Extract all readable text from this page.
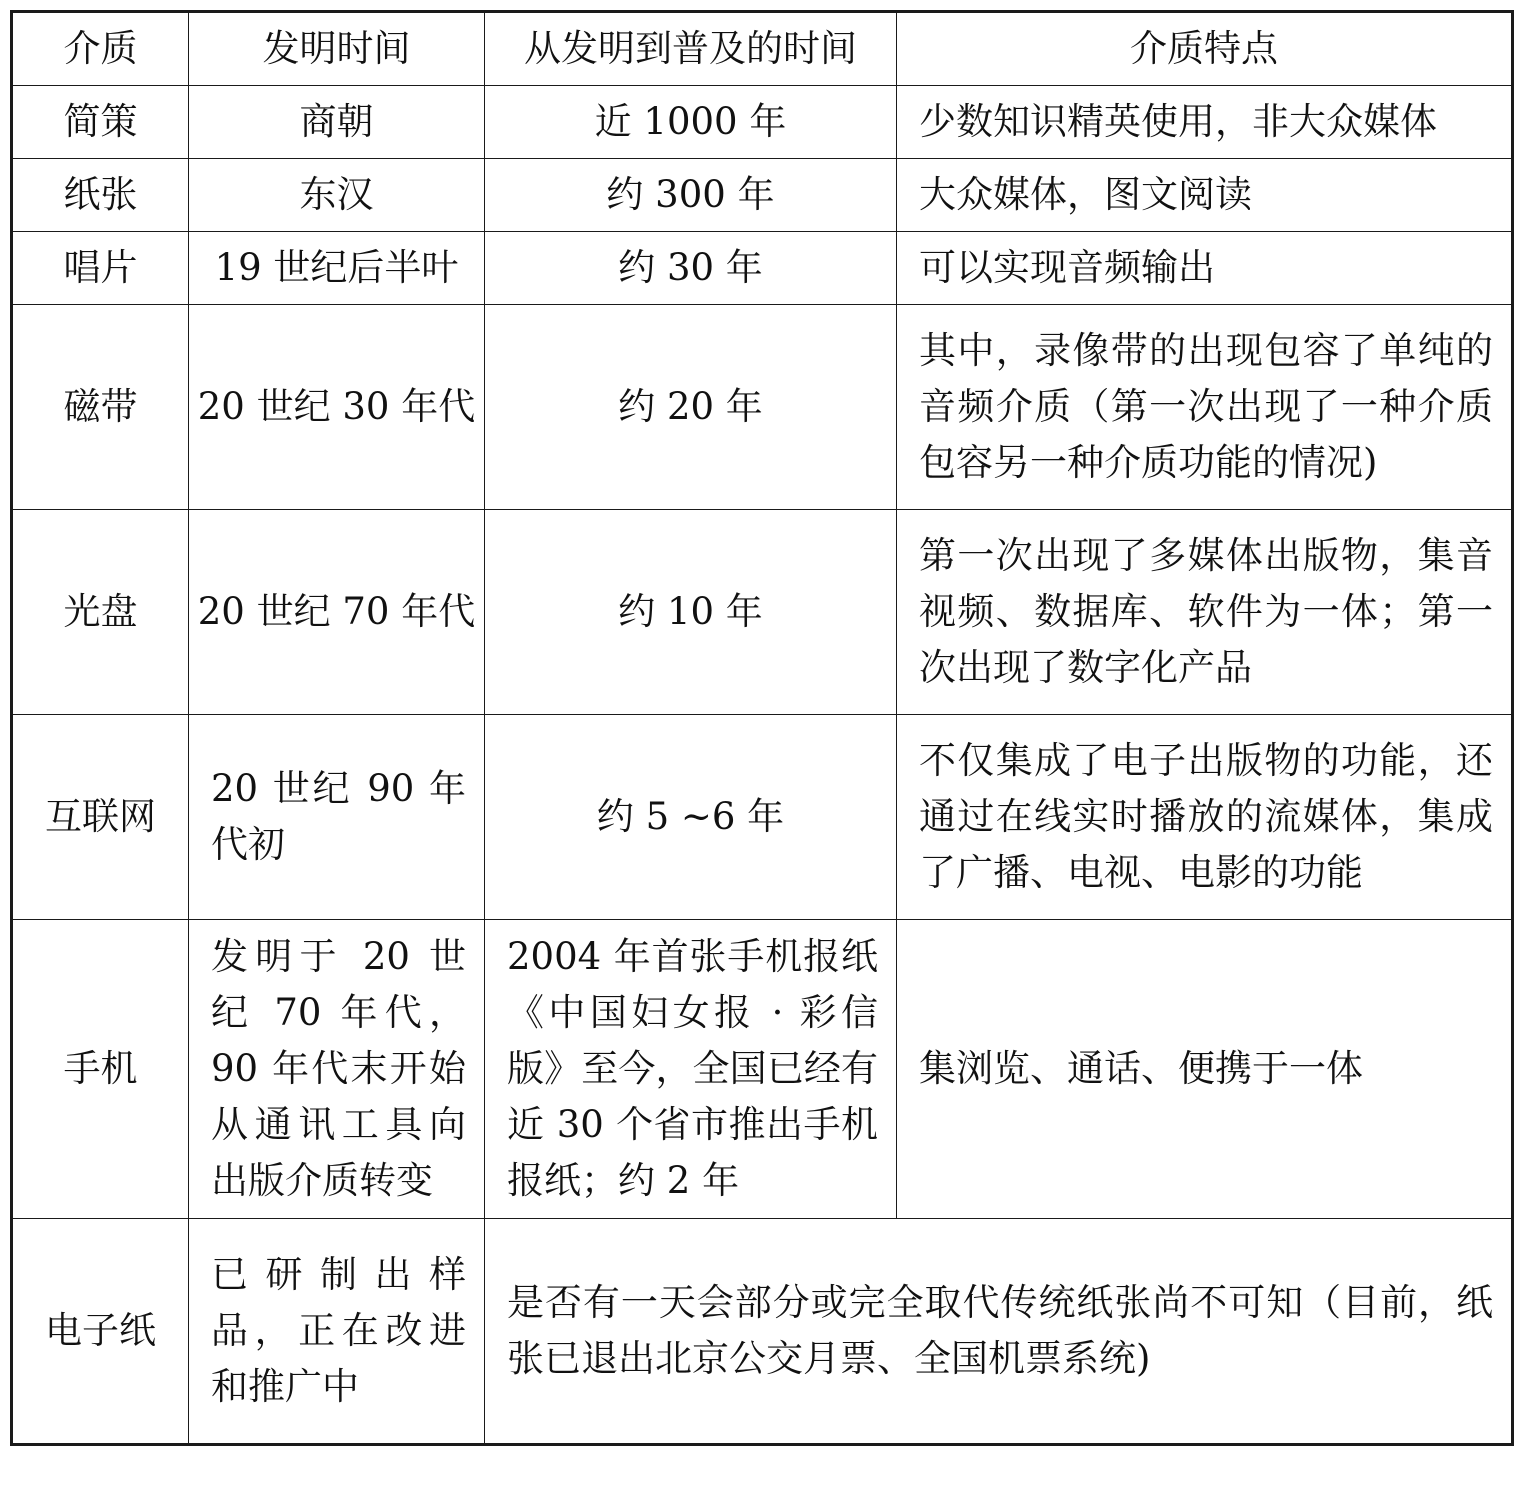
介质	发明时间	从发明到普及的时间	介质特点
简策	商朝	近 1000 年	少数知识精英使用，非大众媒体
纸张	东汉	约 300 年	大众媒体，图文阅读
唱片	19 世纪后半叶	约 30 年	可以实现音频输出
磁带	20 世纪 30 年代	约 20 年	其中，录像带的出现包容了单纯的音频介质（第一次出现了一种介质包容另一种介质功能的情况)
光盘	20 世纪 70 年代	约 10 年	第一次出现了多媒体出版物，集音视频、数据库、软件为一体；第一次出现了数字化产品
互联网	20 世纪 90 年代初	约 5 ~6 年	不仅集成了电子出版物的功能，还通过在线实时播放的流媒体，集成了广播、电视、电影的功能
手机	发明于 20 世纪 70 年代，90 年代末开始从通讯工具向出版介质转变	2004 年首张手机报纸《中国妇女报 · 彩信版》至今，全国已经有近 30 个省市推出手机报纸；约 2 年	集浏览、通话、便携于一体
电子纸	已研制出样品，正在改进和推广中	是否有一天会部分或完全取代传统纸张尚不可知（目前，纸张已退出北京公交月票、全国机票系统)	
